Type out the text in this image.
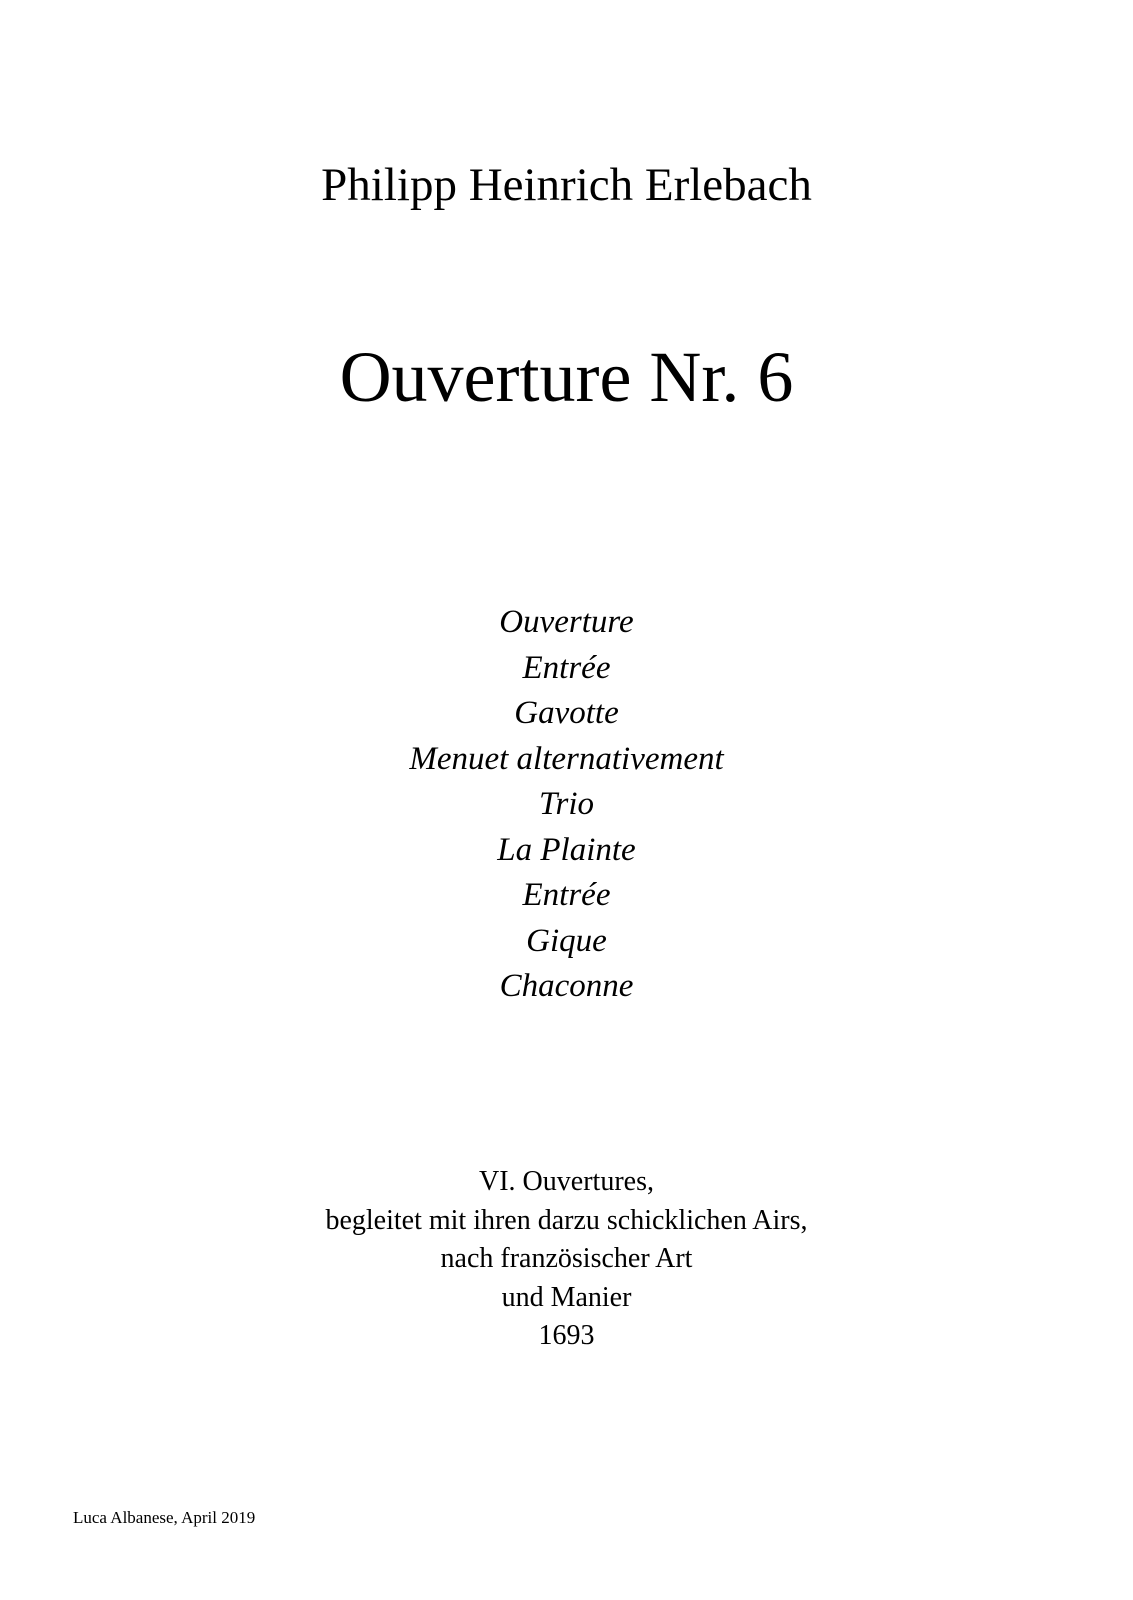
Philipp Heinrich Erlebach
Ouverture Nr. 6
Ouverture
Entrée
Gavotte
Menuet alternativement
Trio
La Plainte
Entrée
Gique
Chaconne
VI. Ouvertures,
begleitet mit ihren darzu schicklichen Airs,
nach französischer Art
und Manier
1693
Luca Albanese, April 2019
